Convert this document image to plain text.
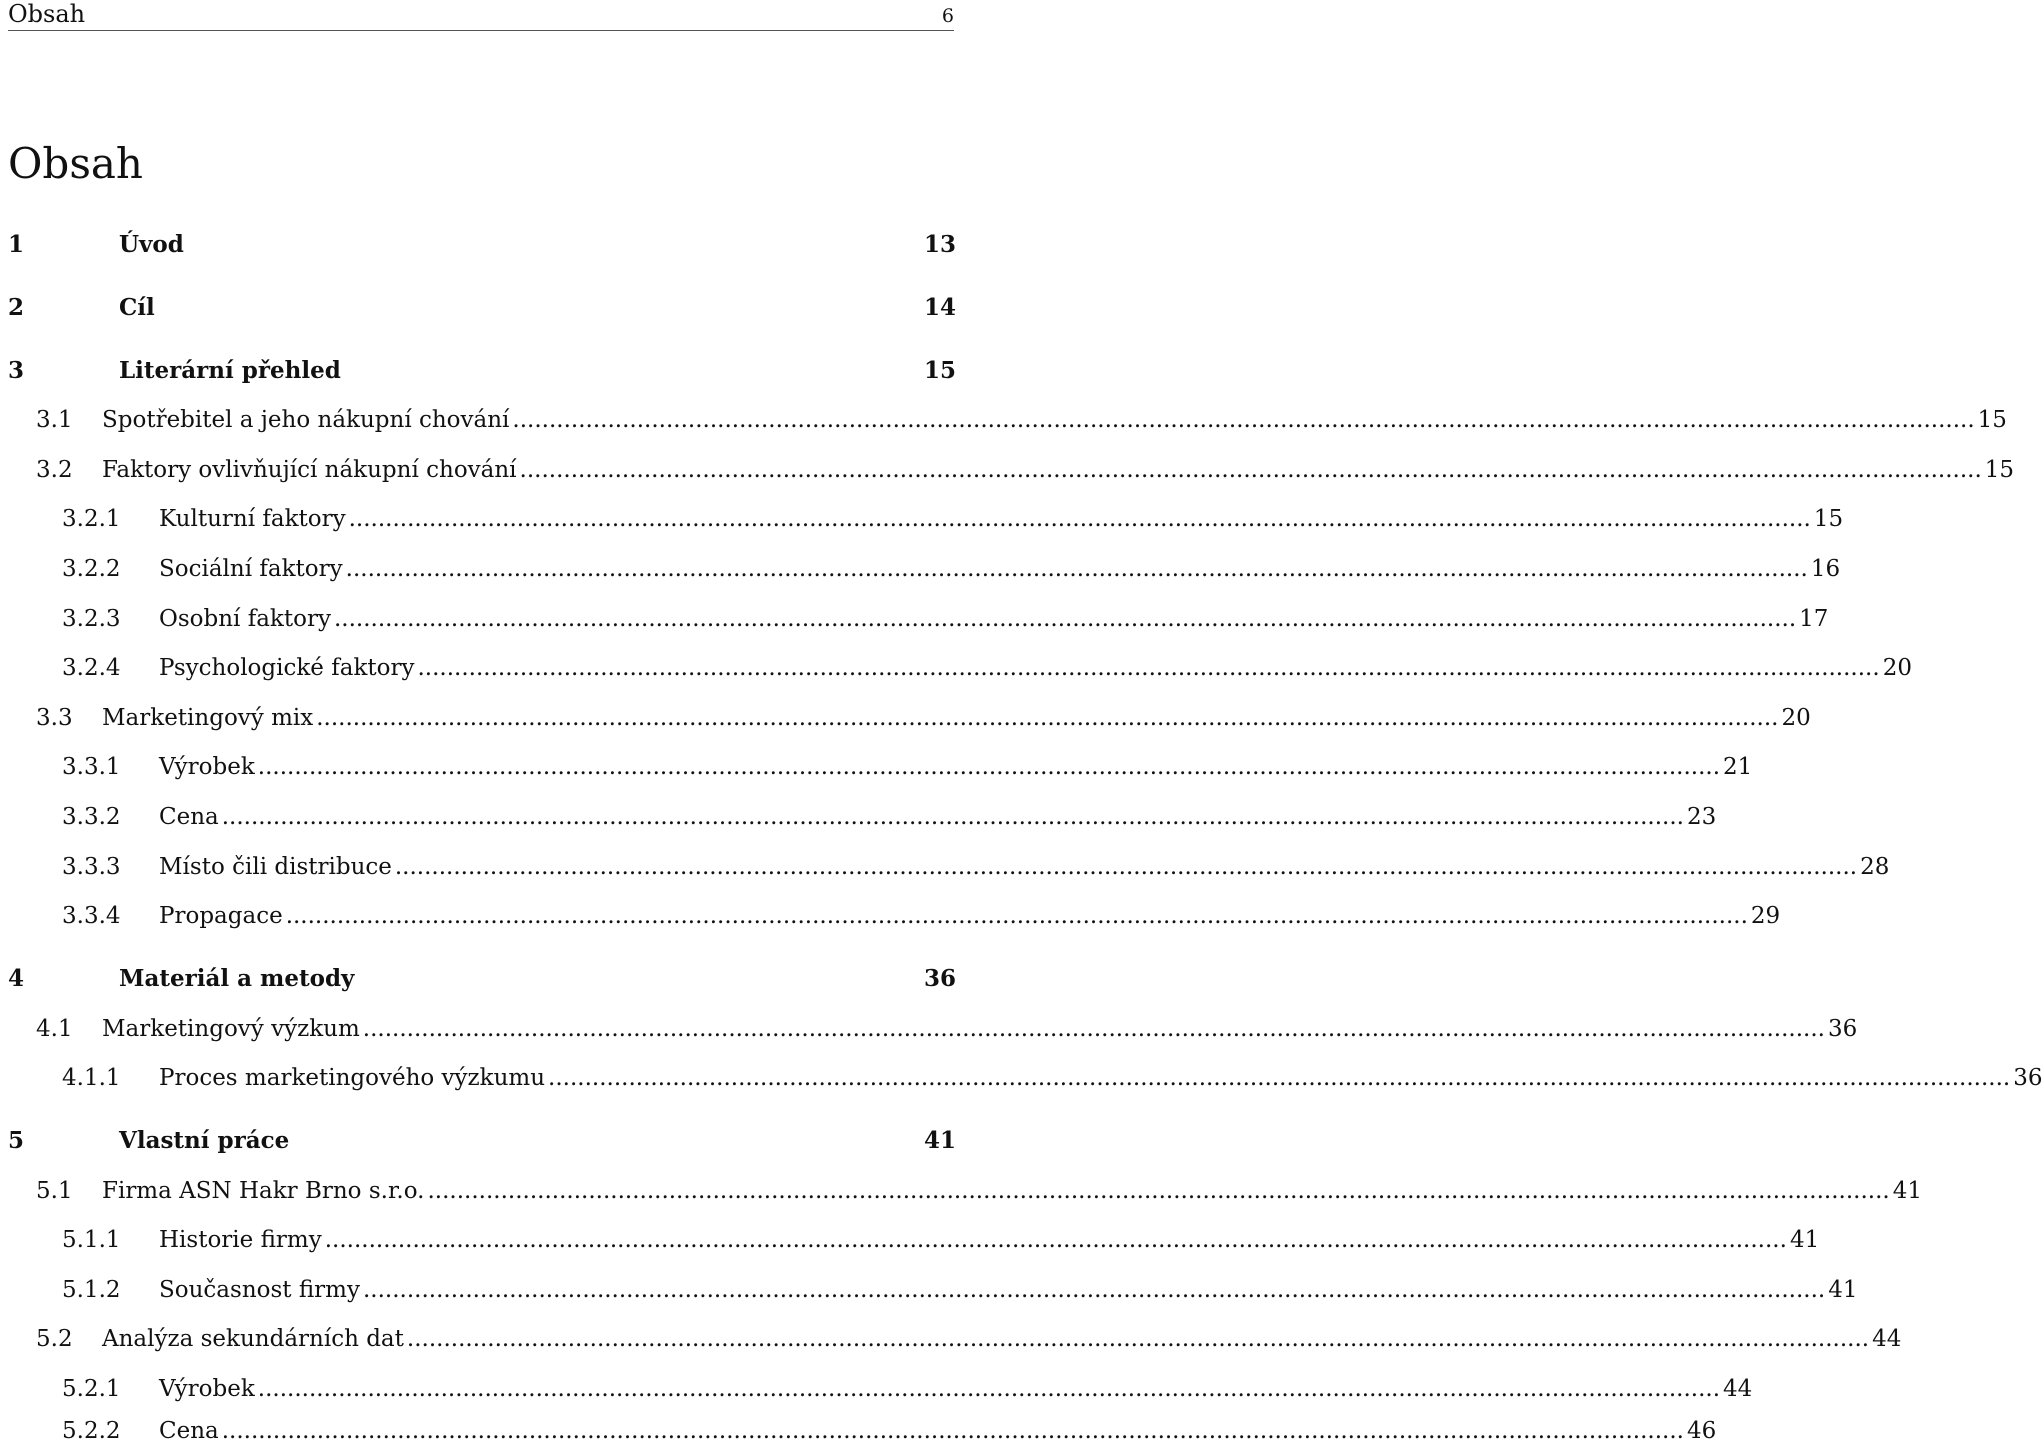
Obsah	6
Obsah
1	Úvod	13
2	Cíl	14
3	Literární přehled	15
3.1	Spotřebitel a jeho nákupní chování ........................................................................................................................................................................................................ 15
3.2	Faktory ovlivňující nákupní chování ........................................................................................................................................................................................................ 15
3.2.1	Kulturní faktory ........................................................................................................................................................................................................ 15
3.2.2	Sociální faktory ........................................................................................................................................................................................................ 16
3.2.3	Osobní faktory ........................................................................................................................................................................................................ 17
3.2.4	Psychologické faktory ........................................................................................................................................................................................................ 20
3.3	Marketingový mix ........................................................................................................................................................................................................ 20
3.3.1	Výrobek ........................................................................................................................................................................................................ 21
3.3.2	Cena ........................................................................................................................................................................................................ 23
3.3.3	Místo čili distribuce ........................................................................................................................................................................................................ 28
3.3.4	Propagace ........................................................................................................................................................................................................ 29
4	Materiál a metody	36
4.1	Marketingový výzkum ........................................................................................................................................................................................................ 36
4.1.1	Proces marketingového výzkumu ........................................................................................................................................................................................................ 36
5	Vlastní práce	41
5.1	Firma ASN Hakr Brno s.r.o. ........................................................................................................................................................................................................ 41
5.1.1	Historie firmy ........................................................................................................................................................................................................ 41
5.1.2	Současnost firmy ........................................................................................................................................................................................................ 41
5.2	Analýza sekundárních dat ........................................................................................................................................................................................................ 44
5.2.1	Výrobek ........................................................................................................................................................................................................ 44
5.2.2	Cena ........................................................................................................................................................................................................ 46
